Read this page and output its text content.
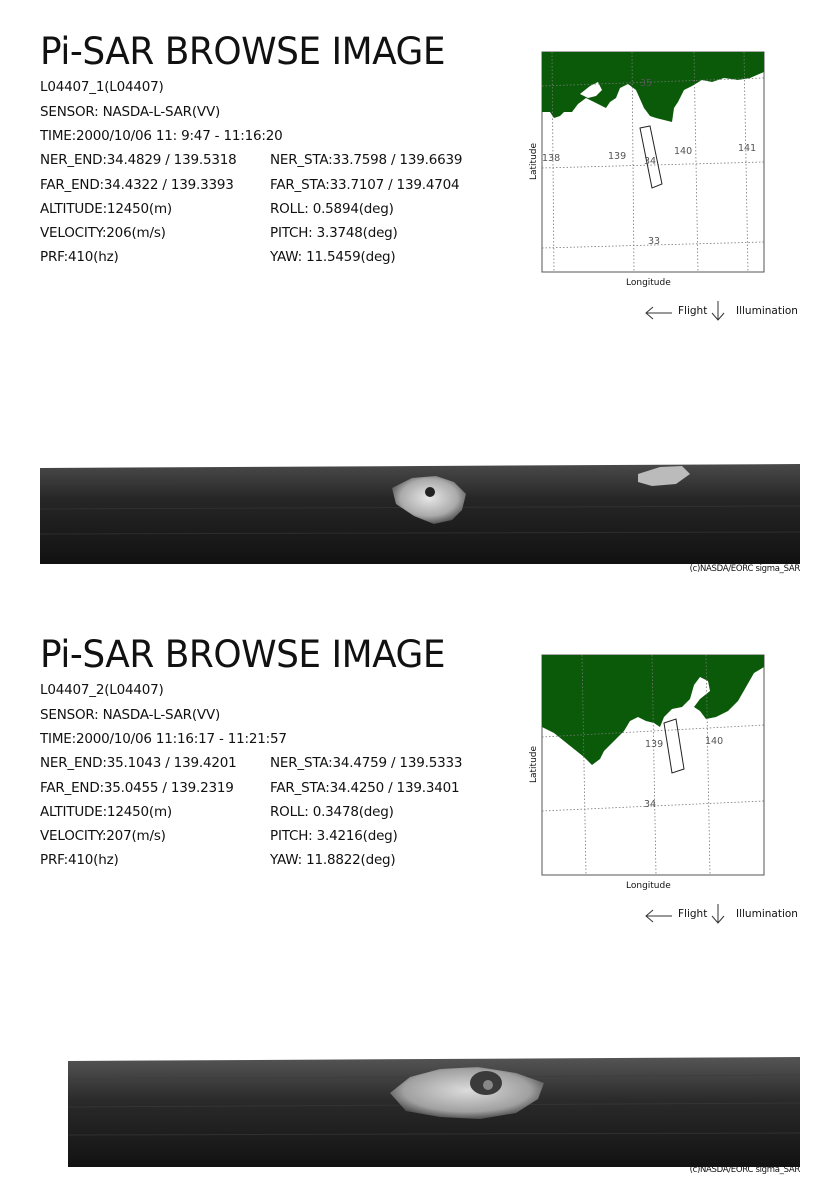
Pi-SAR BROWSE IMAGE
L04407_1(L04407)
SENSOR: NASDA-L-SAR(VV)
TIME:2000/10/06 11: 9:47 - 11:16:20
NER_END:34.4829 / 139.5318 NER_STA:33.7598 / 139.6639
FAR_END:34.4322 / 139.3393	FAR_STA:33.7107 / 139.4704
ALTITUDE:12450(m)	ROLL: 0.5894(deg)
VELOCITY:206(m/s)	PITCH: 3.3748(deg)
PRF:410(hz)	YAW: 11.5459(deg)
138	139	140	141
35
34
33
Longitude
Latitude
Flight	Illumination
(c)NASDA/EORC sigma_SAR
Pi-SAR BROWSE IMAGE
L04407_2(L04407)
SENSOR: NASDA-L-SAR(VV)
TIME:2000/10/06 11:16:17 - 11:21:57
NER_END:35.1043 / 139.4201 NER_STA:34.4759 / 139.5333
FAR_END:35.0455 / 139.2319	FAR_STA:34.4250 / 139.3401
ALTITUDE:12450(m)	ROLL: 0.3478(deg)
VELOCITY:207(m/s)	PITCH: 3.4216(deg)
PRF:410(hz)	YAW: 11.8822(deg)
139	140
34
Longitude
Latitude
Flight	Illumination
(c)NASDA/EORC sigma_SAR
